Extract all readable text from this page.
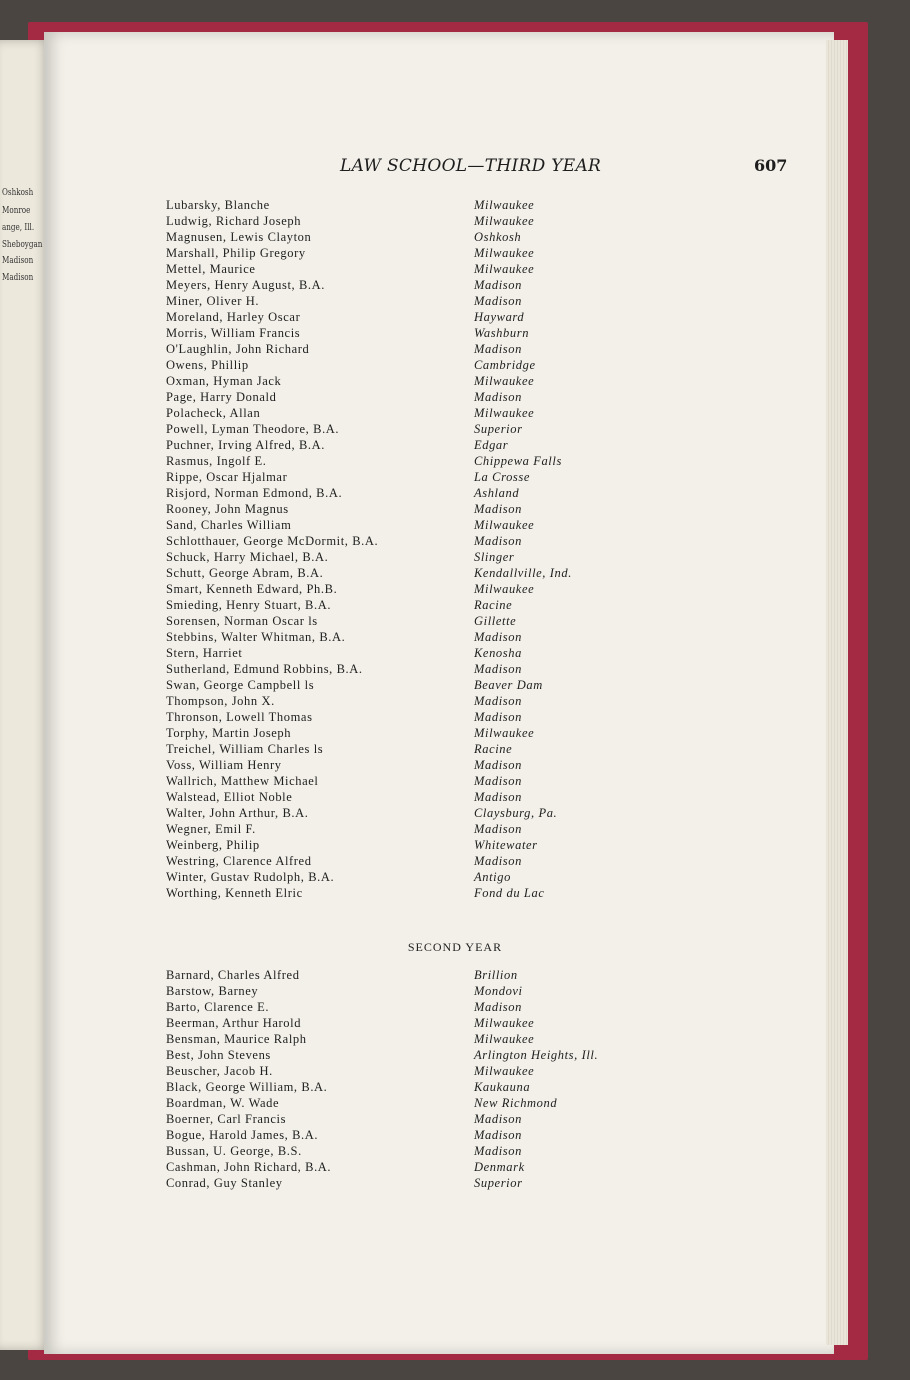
Oshkosh
Monroe
ange, Ill.
Sheboygan
Madison
Madison
LAW SCHOOL—THIRD YEAR	607
Lubarsky, Blanche	Milwaukee
Ludwig, Richard Joseph	Milwaukee
Magnusen, Lewis Clayton	Oshkosh
Marshall, Philip Gregory	Milwaukee
Mettel, Maurice	Milwaukee
Meyers, Henry August, B.A.	Madison
Miner, Oliver H.	Madison
Moreland, Harley Oscar	Hayward
Morris, William Francis	Washburn
O'Laughlin, John Richard	Madison
Owens, Phillip	Cambridge
Oxman, Hyman Jack	Milwaukee
Page, Harry Donald	Madison
Polacheck, Allan	Milwaukee
Powell, Lyman Theodore, B.A.	Superior
Puchner, Irving Alfred, B.A.	Edgar
Rasmus, Ingolf E.	Chippewa Falls
Rippe, Oscar Hjalmar	La Crosse
Risjord, Norman Edmond, B.A.	Ashland
Rooney, John Magnus	Madison
Sand, Charles William	Milwaukee
Schlotthauer, George McDormit, B.A.	Madison
Schuck, Harry Michael, B.A.	Slinger
Schutt, George Abram, B.A.	Kendallville, Ind.
Smart, Kenneth Edward, Ph.B.	Milwaukee
Smieding, Henry Stuart, B.A.	Racine
Sorensen, Norman Oscar ls	Gillette
Stebbins, Walter Whitman, B.A.	Madison
Stern, Harriet	Kenosha
Sutherland, Edmund Robbins, B.A.	Madison
Swan, George Campbell ls	Beaver Dam
Thompson, John X.	Madison
Thronson, Lowell Thomas	Madison
Torphy, Martin Joseph	Milwaukee
Treichel, William Charles ls	Racine
Voss, William Henry	Madison
Wallrich, Matthew Michael	Madison
Walstead, Elliot Noble	Madison
Walter, John Arthur, B.A.	Claysburg, Pa.
Wegner, Emil F.	Madison
Weinberg, Philip	Whitewater
Westring, Clarence Alfred	Madison
Winter, Gustav Rudolph, B.A.	Antigo
Worthing, Kenneth Elric	Fond du Lac
SECOND YEAR
Barnard, Charles Alfred	Brillion
Barstow, Barney	Mondovi
Barto, Clarence E.	Madison
Beerman, Arthur Harold	Milwaukee
Bensman, Maurice Ralph	Milwaukee
Best, John Stevens	Arlington Heights, Ill.
Beuscher, Jacob H.	Milwaukee
Black, George William, B.A.	Kaukauna
Boardman, W. Wade	New Richmond
Boerner, Carl Francis	Madison
Bogue, Harold James, B.A.	Madison
Bussan, U. George, B.S.	Madison
Cashman, John Richard, B.A.	Denmark
Conrad, Guy Stanley	Superior
